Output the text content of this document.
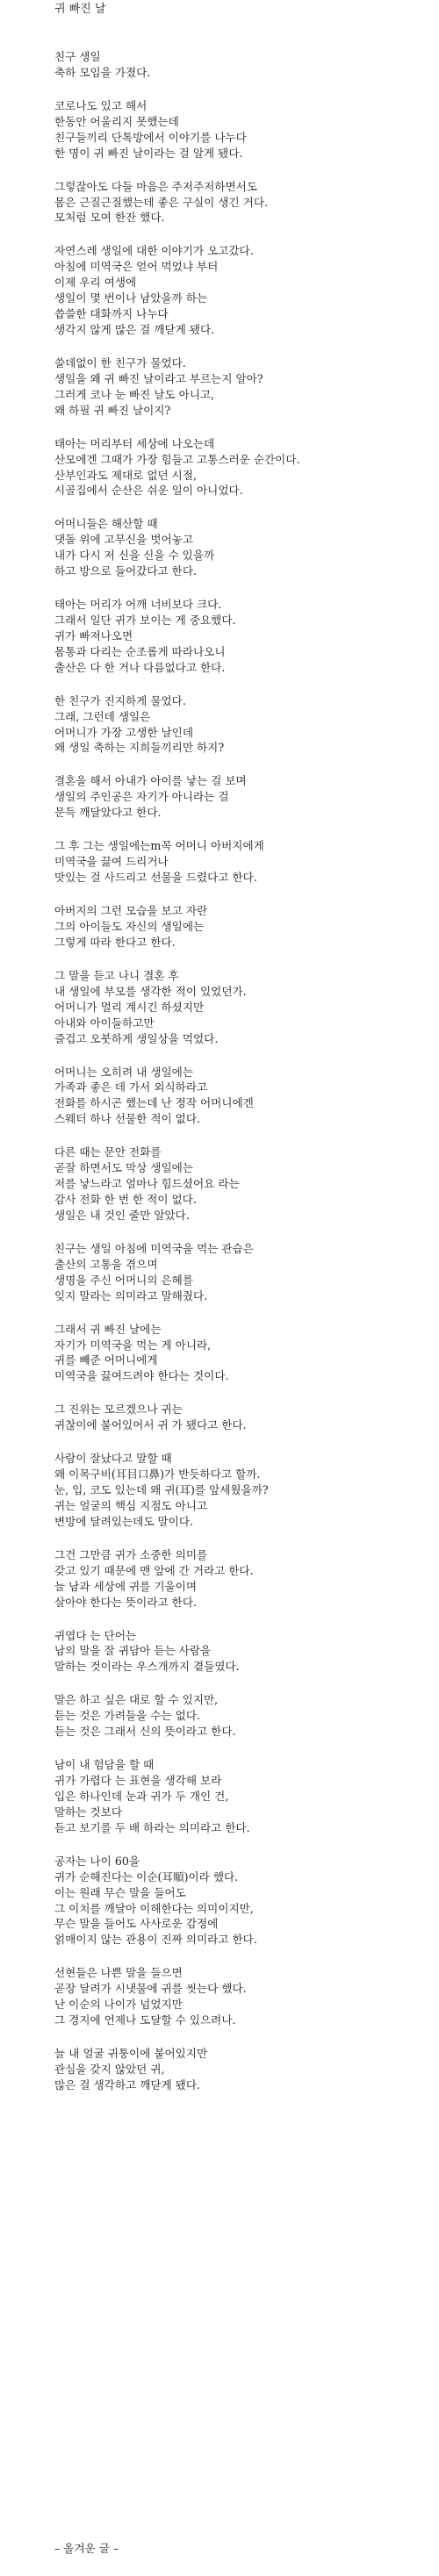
귀 빠진 날

친구 생일
축하 모임을 가졌다.

코로나도 있고 해서
한동안 어울리지 못했는데
친구들끼리 단톡방에서 이야기를 나누다
한 명이 귀 빠진 날이라는 걸 알게 됐다.

그렇잖아도 다들 마음은 주저주저하면서도
몸은 근질근질했는데 좋은 구실이 생긴 거다.
모처럼 모여 한잔 했다.

자연스레 생일에 대한 이야기가 오고갔다.
아침에 미역국은 얻어 먹었냐 부터
이제 우리 여생에
생일이 몇 번이나 남았을까 하는
씁쓸한 대화까지 나누다
생각지 않게 많은 걸 깨닫게 됐다.

쓸데없이 한 친구가 물었다.
생일을 왜 귀 빠진 날이라고 부르는지 알아?
그러게 코나 눈 빠진 날도 아니고,
왜 하필 귀 빠진 날이지?

태아는 머리부터 세상에 나오는데
산모에겐 그때가 가장 힘들고 고통스러운 순간이다.
산부인과도 제대로 없던 시절,
시골집에서 순산은 쉬운 일이 아니었다.

어머니들은 해산할 때
댓돌 위에 고무신을 벗어놓고
내가 다시 저 신을 신을 수 있을까
하고 방으로 들어갔다고 한다.

태아는 머리가 어깨 너비보다 크다.
그래서 일단 귀가 보이는 게 중요했다.
귀가 빠져나오면
몸통과 다리는 순조롭게 따라나오니
출산은 다 한 거나 다름없다고 한다.

한 친구가 진지하게 물었다.
그래, 그런데 생일은
어머니가 가장 고생한 날인데
왜 생일 축하는 지희들끼리만 하지?

결혼을 해서 아내가 아이를 낳는 걸 보며
생일의 주인공은 자기가 아니라는 걸
문득 깨달았다고 한다.

그 후 그는 생일에는m꼭 어머니 아버지에게
미역국을 끓여 드리거나
맛있는 걸 사드리고 선물을 드렸다고 한다.

아버지의 그런 모습을 보고 자란
그의 아이들도 자신의 생일에는
그렇게 따라 한다고 한다.

그 말을 듣고 나니 결혼 후
내 생일에 부모를 생각한 적이 있었던가.
어머니가 멀리 계시긴 하셨지만
아내와 아이들하고만
즐겁고 오붓하게 생일상을 먹었다.

어머니는 오히려 내 생일에는
가족과 좋은 데 가서 외식하라고
전화를 하시곤 했는데 난 정작 어머니에겐
스웨터 하나 선물한 적이 없다.

다른 때는 문안 전화를
곧잘 하면서도 막상 생일에는
저를 낳느라고 얼마나 힘드셨어요 라는
감사 전화 한 번 한 적이 없다.
생일은 내 것인 줄만 알았다.

친구는 생일 아침에 미역국을 먹는 관습은
출산의 고통을 겪으며
생명을 주신 어머니의 은혜를
잊지 말라는 의미라고 말해줬다.

그래서 귀 빠진 날에는
자기가 미역국을 먹는 게 아니라,
귀를 빼준 어머니에게
미역국을 끓여드려야 한다는 것이다.

그 진위는 모르겠으나 귀는
귀찮이에 붙어있어서 귀 가 됐다고 한다.

사람이 잘났다고 말할 때
왜 이목구비(耳目口鼻)가 반듯하다고 할까.
눈, 입, 코도 있는데 왜 귀(耳)를 앞세웠을까?
귀는 얼굴의 핵심 지점도 아니고
변방에 달려있는데도 말이다.

그건 그만큼 귀가 소중한 의미를
갖고 있기 때문에 맨 앞에 간 거라고 한다.
늘 남과 세상에 귀를 기울이며
살아야 한다는 뜻이라고 한다.

귀엽다 는 단어는
남의 말을 잘 귀담아 듣는 사람을
말하는 것이라는 우스개까지 곁들였다.

말은 하고 싶은 대로 할 수 있지만,
듣는 것은 가려들을 수는 없다.
듣는 것은 그래서 신의 뜻이라고 한다.

남이 내 험담을 할 때
귀가 가렵다 는 표현을 생각해 보라
입은 하나인데 눈과 귀가 두 개인 건,
말하는 것보다
듣고 보기를 두 배 하라는 의미라고 한다.

공자는 나이 60을
귀가 순해진다는 이순(耳順)이라 했다.
이는 원래 무슨 말을 들어도
그 이치를 깨달아 이해한다는 의미이지만,
무슨 말을 들어도 사사로운 감정에
얽매이지 않는 관용이 진짜 의미라고 한다.

선현들은 나쁜 말을 들으면
곧장 달려가 시냇물에 귀를 씻는다 했다.
난 이순의 나이가 넘었지만
그 경지에 언제나 도달할 수 있으려나.

늘 내 얼굴 귀퉁이에 붙어있지만
관심을 갖지 않았던 귀,
많은 걸 생각하고 깨닫게 됐다.

– 올겨운 글 –
